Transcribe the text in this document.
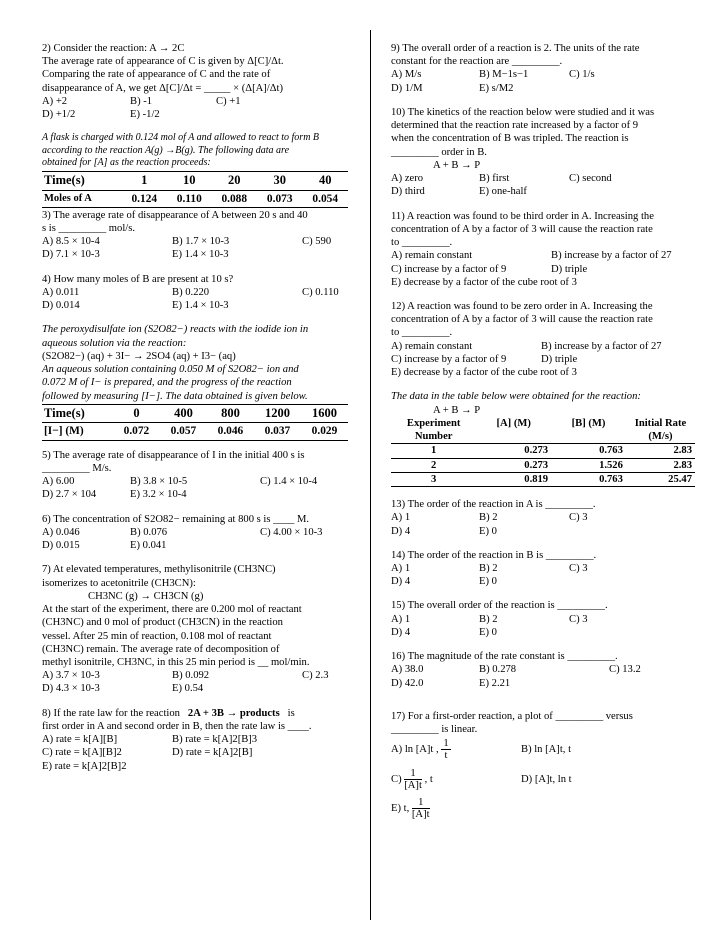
2) Consider the reaction: A → 2C
The average rate of appearance of C is given by Δ[C]/Δt.
Comparing the rate of appearance of C and the rate of
disappearance of A, we get Δ[C]/Δt = _____ × (Δ[A]/Δt)
A) +2	B) -1	C) +1
D) +1/2	E) -1/2
A flask is charged with 0.124 mol of A and allowed to react to form B
according to the reaction A(g) →B(g). The following data are
obtained for [A] as the reaction proceeds:
Time(s)	1	10	20	30	40
Moles of A	0.124	0.110	0.088	0.073	0.054
3) The average rate of disappearance of A between 20 s and 40
s is _________ mol/s.
A) 8.5 × 10-4	B) 1.7 × 10-3	C) 590
D) 7.1 × 10-3	E) 1.4 × 10-3
4) How many moles of B are present at 10 s?
A) 0.011	B) 0.220	C) 0.110
D) 0.014	E) 1.4 × 10-3
The peroxydisulfate ion (S2O82−) reacts with the iodide ion in
aqueous solution via the reaction:
(S2O82−) (aq) + 3I− → 2SO4 (aq) + I3− (aq)
An aqueous solution containing 0.050 M of S2O82− ion and
0.072 M of I− is prepared, and the progress of the reaction
followed by measuring [I−]. The data obtained is given below.
Time(s)	0	400	800	1200	1600
[I−] (M)	0.072	0.057	0.046	0.037	0.029
5) The average rate of disappearance of I in the initial 400 s is
_________ M/s.
A) 6.00	B) 3.8 × 10-5	C) 1.4 × 10-4
D) 2.7 × 104	E) 3.2 × 10-4
6) The concentration of S2O82− remaining at 800 s is ____ M.
A) 0.046	B) 0.076	C) 4.00 × 10-3
D) 0.015	E) 0.041
7) At elevated temperatures, methylisonitrile (CH3NC)
isomerizes to acetonitrile (CH3CN):
CH3NC (g) → CH3CN (g)
At the start of the experiment, there are 0.200 mol of reactant
(CH3NC) and 0 mol of product (CH3CN) in the reaction
vessel. After 25 min of reaction, 0.108 mol of reactant
(CH3NC) remain. The average rate of decomposition of
methyl isonitrile, CH3NC, in this 25 min period is __ mol/min.
A) 3.7 × 10-3	B) 0.092	C) 2.3
D) 4.3 × 10-3	E) 0.54
8) If the rate law for the reaction 2A + 3B → products is
first order in A and second order in B, then the rate law is ____.
A) rate = k[A][B]	B) rate = k[A]2[B]3
C) rate = k[A][B]2	D) rate = k[A]2[B]
E) rate = k[A]2[B]2
9) The overall order of a reaction is 2. The units of the rate
constant for the reaction are _________.
A) M/s	B) M−1s−1	C) 1/s
D) 1/M	E) s/M2
10) The kinetics of the reaction below were studied and it was
determined that the reaction rate increased by a factor of 9
when the concentration of B was tripled. The reaction is
_________ order in B.
A + B → P
A) zero	B) first	C) second
D) third	E) one-half
11) A reaction was found to be third order in A. Increasing the
concentration of A by a factor of 3 will cause the reaction rate
to _________.
A) remain constant	B) increase by a factor of 27
C) increase by a factor of 9	D) triple
E) decrease by a factor of the cube root of 3
12) A reaction was found to be zero order in A. Increasing the
concentration of A by a factor of 3 will cause the reaction rate
to _________.
A) remain constant	B) increase by a factor of 27
C) increase by a factor of 9	D) triple
E) decrease by a factor of the cube root of 3
The data in the table below were obtained for the reaction:
A + B → P
Experiment Number	[A] (M)	[B] (M)	Initial Rate (M/s)
1	0.273	0.763	2.83
2	0.273	1.526	2.83
3	0.819	0.763	25.47
13) The order of the reaction in A is _________.
A) 1	B) 2	C) 3
D) 4	E) 0
14) The order of the reaction in B is _________.
A) 1	B) 2	C) 3
D) 4	E) 0
15) The overall order of the reaction is _________.
A) 1	B) 2	C) 3
D) 4	E) 0
16) The magnitude of the rate constant is _________.
A) 38.0	B) 0.278	C) 13.2
D) 42.0	E) 2.21
17) For a first-order reaction, a plot of _________ versus
_________ is linear.
A) ln [A]t , $\frac{1}{t}$	B) ln [A]t, t
$C) \frac{1}{[A]t}$ , t	D) [A]t, ln t
E) t, $\frac{1}{[A]t}$
